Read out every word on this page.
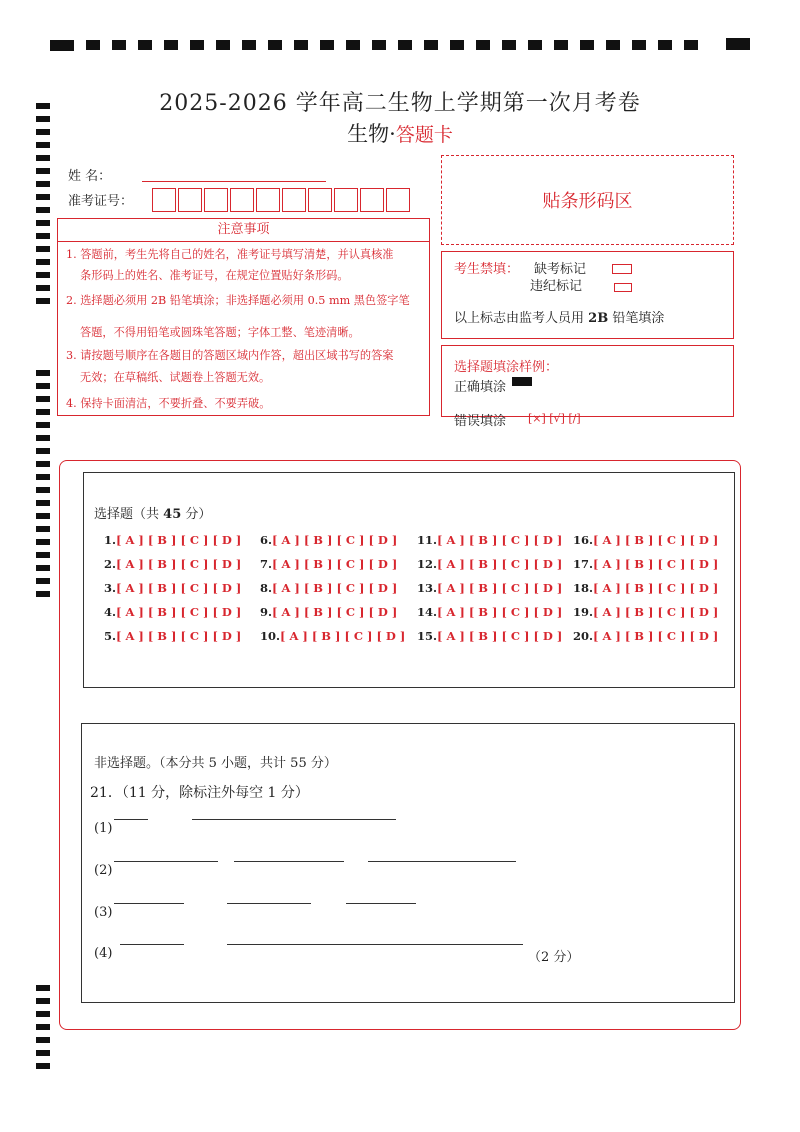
2025-2026 学年高二生物上学期第一次月考卷
生物·答题卡
姓 名：
准考证号：
注意事项
1. 答题前，考生先将自己的姓名，准考证号填写清楚，并认真核准
条形码上的姓名、准考证号，在规定位置贴好条形码。
2. 选择题必须用 2B 铅笔填涂；非选择题必须用 0.5 mm 黑色签字笔
答题，不得用铅笔或圆珠笔答题；字体工整、笔迹清晰。
3. 请按题号顺序在各题目的答题区域内作答，超出区域书写的答案
无效；在草稿纸、试题卷上答题无效。
4. 保持卡面清洁，不要折叠、不要弄破。
贴条形码区
考生禁填： 缺考标记
违纪标记
以上标志由监考人员用 2B 铅笔填涂
选择题填涂样例：
正确填涂
错误填涂 [×] [√] [/]
选择题（共 45 分）
1.[ A ] [ B ] [ C ] [ D ]
2.[ A ] [ B ] [ C ] [ D ]
3.[ A ] [ B ] [ C ] [ D ]
4.[ A ] [ B ] [ C ] [ D ]
5.[ A ] [ B ] [ C ] [ D ]
6.[ A ] [ B ] [ C ] [ D ]
7.[ A ] [ B ] [ C ] [ D ]
8.[ A ] [ B ] [ C ] [ D ]
9.[ A ] [ B ] [ C ] [ D ]
10.[ A ] [ B ] [ C ] [ D ]
11.[ A ] [ B ] [ C ] [ D ]
12.[ A ] [ B ] [ C ] [ D ]
13.[ A ] [ B ] [ C ] [ D ]
14.[ A ] [ B ] [ C ] [ D ]
15.[ A ] [ B ] [ C ] [ D ]
16.[ A ] [ B ] [ C ] [ D ]
17.[ A ] [ B ] [ C ] [ D ]
18.[ A ] [ B ] [ C ] [ D ]
19.[ A ] [ B ] [ C ] [ D ]
20.[ A ] [ B ] [ C ] [ D ]
非选择题。（本分共 5 小题，共计 55 分）
21．（11 分，除标注外每空 1 分）
(1)
(2)
(3)
(4)	（2 分）
